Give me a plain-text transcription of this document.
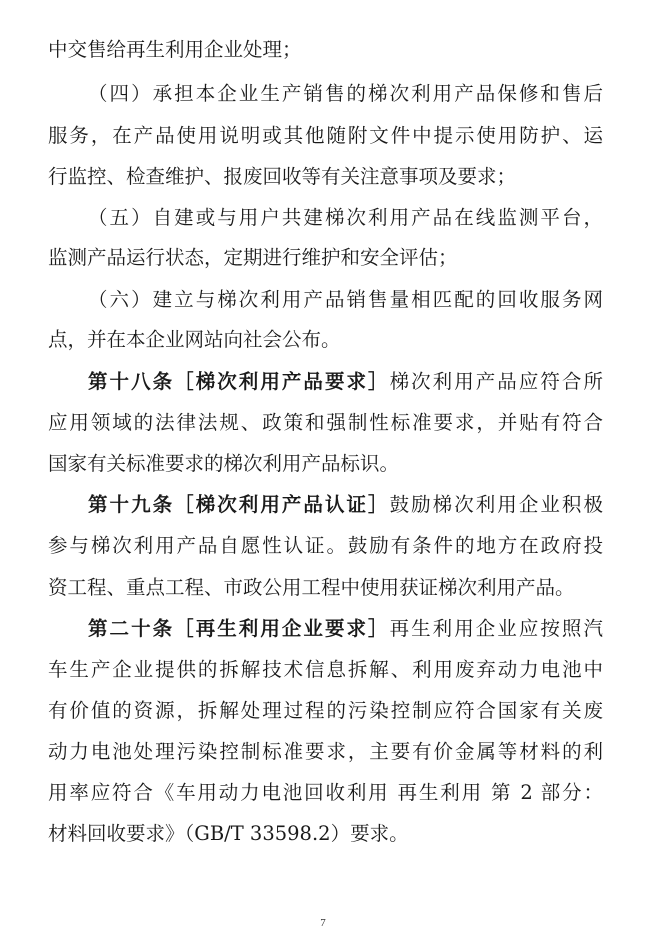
中交售给再生利用企业处理；
（四）承担本企业生产销售的梯次利用产品保修和售后
服务，在产品使用说明或其他随附文件中提示使用防护、运
行监控、检查维护、报废回收等有关注意事项及要求；
（五）自建或与用户共建梯次利用产品在线监测平台，
监测产品运行状态，定期进行维护和安全评估；
（六）建立与梯次利用产品销售量相匹配的回收服务网
点，并在本企业网站向社会公布。
第十八条［梯次利用产品要求］梯次利用产品应符合所
应用领域的法律法规、政策和强制性标准要求，并贴有符合
国家有关标准要求的梯次利用产品标识。
第十九条［梯次利用产品认证］鼓励梯次利用企业积极
参与梯次利用产品自愿性认证。鼓励有条件的地方在政府投
资工程、重点工程、市政公用工程中使用获证梯次利用产品。
第二十条［再生利用企业要求］再生利用企业应按照汽
车生产企业提供的拆解技术信息拆解、利用废弃动力电池中
有价值的资源，拆解处理过程的污染控制应符合国家有关废
动力电池处理污染控制标准要求，主要有价金属等材料的利
用率应符合《车用动力电池回收利用 再生利用 第 2 部分：
材料回收要求》（GB/T 33598.2）要求。
7
